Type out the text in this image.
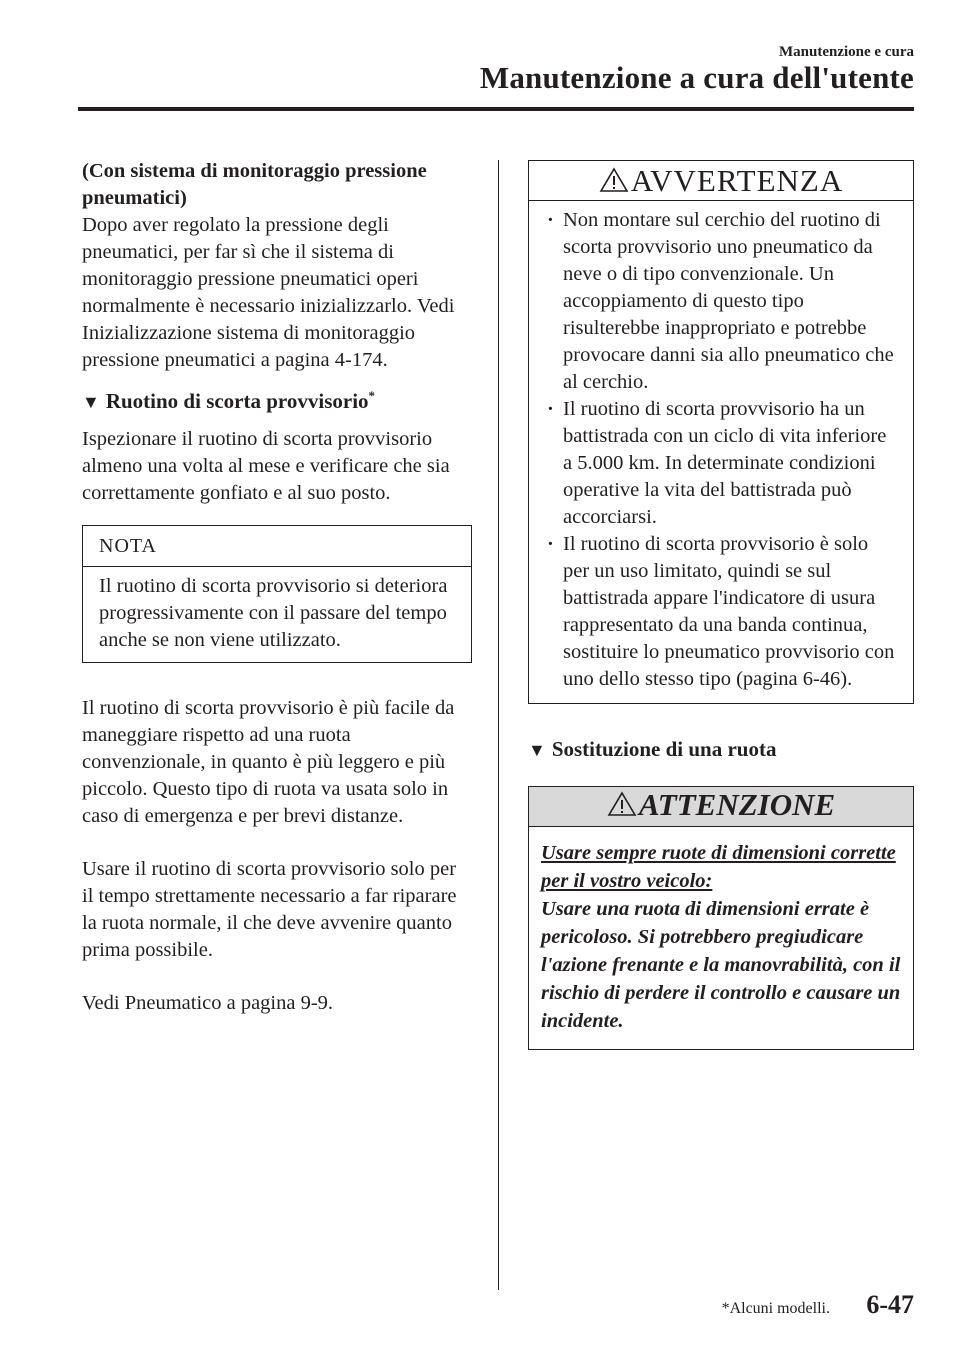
Manutenzione e cura
Manutenzione a cura dell'utente

(Con sistema di monitoraggio pressione pneumatici)

Dopo aver regolato la pressione degli pneumatici, per far sì che il sistema di monitoraggio pressione pneumatici operi normalmente è necessario inizializzarlo. Vedi Inizializzazione sistema di monitoraggio pressione pneumatici a pagina 4-174.

▼ Ruotino di scorta provvisorio*

Ispezionare il ruotino di scorta provvisorio almeno una volta al mese e verificare che sia correttamente gonfiato e al suo posto.

NOTA
Il ruotino di scorta provvisorio si deteriora progressivamente con il passare del tempo anche se non viene utilizzato.

Il ruotino di scorta provvisorio è più facile da maneggiare rispetto ad una ruota convenzionale, in quanto è più leggero e più piccolo. Questo tipo di ruota va usata solo in caso di emergenza e per brevi distanze.

Usare il ruotino di scorta provvisorio solo per il tempo strettamente necessario a far riparare la ruota normale, il che deve avvenire quanto prima possibile.

Vedi Pneumatico a pagina 9-9.

AVVERTENZA
· Non montare sul cerchio del ruotino di scorta provvisorio uno pneumatico da neve o di tipo convenzionale. Un accoppiamento di questo tipo risulterebbe inappropriato e potrebbe provocare danni sia allo pneumatico che al cerchio.
· Il ruotino di scorta provvisorio ha un battistrada con un ciclo di vita inferiore a 5.000 km. In determinate condizioni operative la vita del battistrada può accorciarsi.
· Il ruotino di scorta provvisorio è solo per un uso limitato, quindi se sul battistrada appare l'indicatore di usura rappresentato da una banda continua, sostituire lo pneumatico provvisorio con uno dello stesso tipo (pagina 6-46).

▼ Sostituzione di una ruota

ATTENZIONE

Usare sempre ruote di dimensioni corrette per il vostro veicolo:

Usare una ruota di dimensioni errate è pericoloso. Si potrebbero pregiudicare l'azione frenante e la manovrabilità, con il rischio di perdere il controllo e causare un incidente.

*Alcuni modelli. 6-47
